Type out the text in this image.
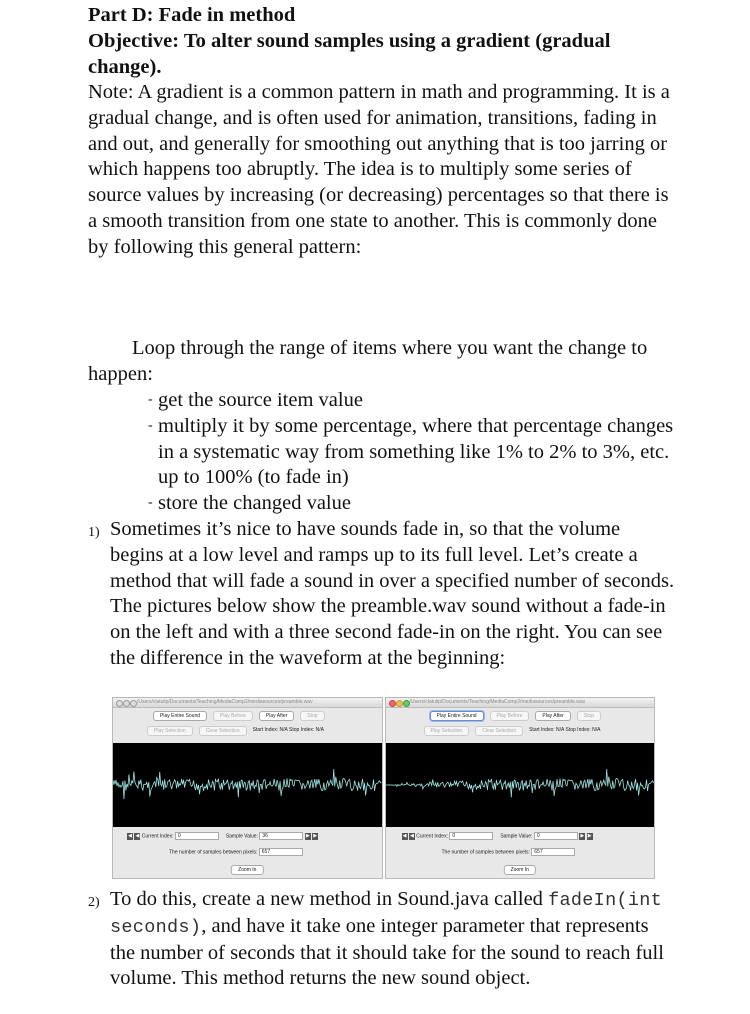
Part D: Fade in method

Objective: To alter sound samples using a gradient (gradual change).

Note: A gradient is a common pattern in math and programming. It is a gradual change, and is often used for animation, transitions, fading in and out, and generally for smoothing out anything that is too jarring or which happens too abruptly. The idea is to multiply some series of source values by increasing (or decreasing) percentages so that there is a smooth transition from one state to another. This is commonly done by following this general pattern:

Loop through the range of items where you want the change to happen:

- get the source item value
- multiply it by some percentage, where that percentage changes in a systematic way from something like 1% to 2% to 3%, etc. up to 100% (to fade in)
- store the changed value

1) Sometimes it’s nice to have sounds fade in, so that the volume begins at a low level and ramps up to its full level. Let’s create a method that will fade a sound in over a specified number of seconds. The pictures below show the preamble.wav sound without a fade-in on the left and with a three second fade-in on the right. You can see the difference in the waveform at the beginning:

2) To do this, create a new method in Sound.java called fadeIn(int seconds), and have it take one integer parameter that represents the number of seconds that it should take for the sound to reach full volume. This method returns the new sound object.

/Users/clatulip/Documents/Teaching/MediaComp2/mediasources/preamble.wav
Play Entire Sound	Play Before	Play After	Stop
Play Selection	Clear Selection	Start Index: N/A Stop Index: N/A
◀ ◀ Current Index: 0	Sample Value: 36	▶ ▶
The number of samples between pixels: 657
Zoom In
/Users/clatulip/Documents/Teaching/MediaComp2/mediasources/preamble.wav
Play Entire Sound	Play Before	Play After	Stop
Play Selection	Clear Selection	Start Index: N/A Stop Index: N/A
◀ ◀ Current Index: 0	Sample Value: 0	▶ ▶
The number of samples between pixels: 657
Zoom In
